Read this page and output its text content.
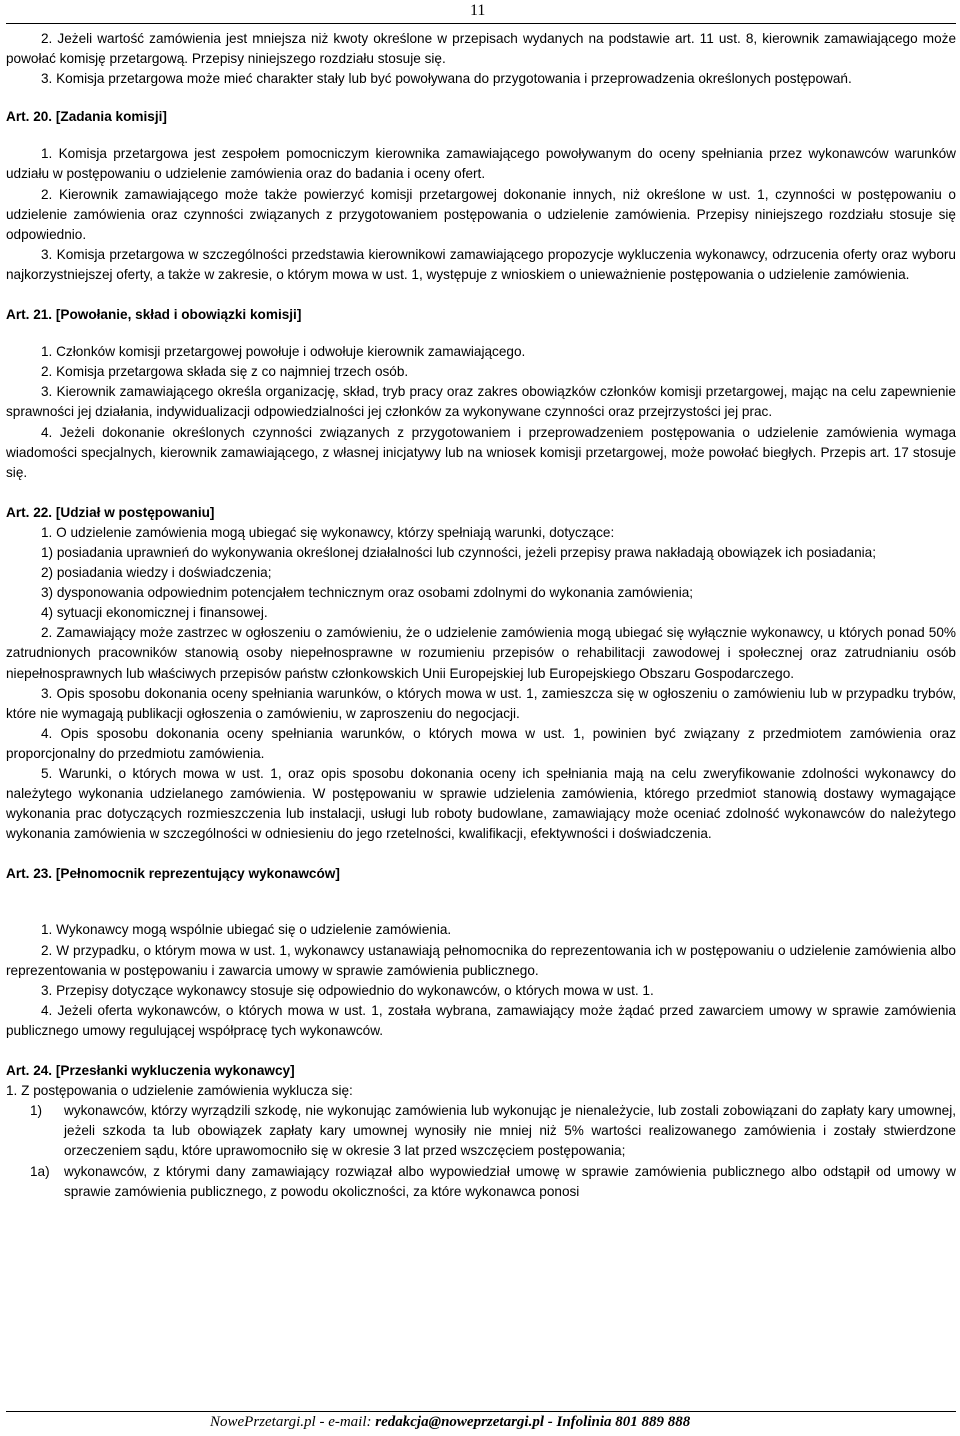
11

2. Jeżeli wartość zamówienia jest mniejsza niż kwoty określone w przepisach wydanych na podstawie art. 11 ust. 8, kierownik zamawiającego może powołać komisję przetargową. Przepisy niniejszego rozdziału stosuje się.

3. Komisja przetargowa może mieć charakter stały lub być powoływana do przygotowania i przeprowadzenia określonych postępowań.

Art. 20. [Zadania komisji]

1. Komisja przetargowa jest zespołem pomocniczym kierownika zamawiającego powoływanym do oceny spełniania przez wykonawców warunków udziału w postępowaniu o udzielenie zamówienia oraz do badania i oceny ofert.

2. Kierownik zamawiającego może także powierzyć komisji przetargowej dokonanie innych, niż określone w ust. 1, czynności w postępowaniu o udzielenie zamówienia oraz czynności związanych z przygotowaniem postępowania o udzielenie zamówienia. Przepisy niniejszego rozdziału stosuje się odpowiednio.

3. Komisja przetargowa w szczególności przedstawia kierownikowi zamawiającego propozycje wykluczenia wykonawcy, odrzucenia oferty oraz wyboru najkorzystniejszej oferty, a także w zakresie, o którym mowa w ust. 1, występuje z wnioskiem o unieważnienie postępowania o udzielenie zamówienia.

Art. 21. [Powołanie, skład i obowiązki komisji]

1. Członków komisji przetargowej powołuje i odwołuje kierownik zamawiającego.

2. Komisja przetargowa składa się z co najmniej trzech osób.

3. Kierownik zamawiającego określa organizację, skład, tryb pracy oraz zakres obowiązków członków komisji przetargowej, mając na celu zapewnienie sprawności jej działania, indywidualizacji odpowiedzialności jej członków za wykonywane czynności oraz przejrzystości jej prac.

4. Jeżeli dokonanie określonych czynności związanych z przygotowaniem i przeprowadzeniem postępowania o udzielenie zamówienia wymaga wiadomości specjalnych, kierownik zamawiającego, z własnej inicjatywy lub na wniosek komisji przetargowej, może powołać biegłych. Przepis art. 17 stosuje się.

Art. 22. [Udział w postępowaniu]

1. O udzielenie zamówienia mogą ubiegać się wykonawcy, którzy spełniają warunki, dotyczące:

1) posiadania uprawnień do wykonywania określonej działalności lub czynności, jeżeli przepisy prawa nakładają obowiązek ich posiadania;

2) posiadania wiedzy i doświadczenia;

3) dysponowania odpowiednim potencjałem technicznym oraz osobami zdolnymi do wykonania zamówienia;

4) sytuacji ekonomicznej i finansowej.

2. Zamawiający może zastrzec w ogłoszeniu o zamówieniu, że o udzielenie zamówienia mogą ubiegać się wyłącznie wykonawcy, u których ponad 50% zatrudnionych pracowników stanowią osoby niepełnosprawne w rozumieniu przepisów o rehabilitacji zawodowej i społecznej oraz zatrudnianiu osób niepełnosprawnych lub właściwych przepisów państw członkowskich Unii Europejskiej lub Europejskiego Obszaru Gospodarczego.

3. Opis sposobu dokonania oceny spełniania warunków, o których mowa w ust. 1, zamieszcza się w ogłoszeniu o zamówieniu lub w przypadku trybów, które nie wymagają publikacji ogłoszenia o zamówieniu, w zaproszeniu do negocjacji.

4. Opis sposobu dokonania oceny spełniania warunków, o których mowa w ust. 1, powinien być związany z przedmiotem zamówienia oraz proporcjonalny do przedmiotu zamówienia.

5. Warunki, o których mowa w ust. 1, oraz opis sposobu dokonania oceny ich spełniania mają na celu zweryfikowanie zdolności wykonawcy do należytego wykonania udzielanego zamówienia. W postępowaniu w sprawie udzielenia zamówienia, którego przedmiot stanowią dostawy wymagające wykonania prac dotyczących rozmieszczenia lub instalacji, usługi lub roboty budowlane, zamawiający może oceniać zdolność wykonawców do należytego wykonania zamówienia w szczególności w odniesieniu do jego rzetelności, kwalifikacji, efektywności i doświadczenia.

Art. 23. [Pełnomocnik reprezentujący wykonawców]

1. Wykonawcy mogą wspólnie ubiegać się o udzielenie zamówienia.

2. W przypadku, o którym mowa w ust. 1, wykonawcy ustanawiają pełnomocnika do reprezentowania ich w postępowaniu o udzielenie zamówienia albo reprezentowania w postępowaniu i zawarcia umowy w sprawie zamówienia publicznego.

3. Przepisy dotyczące wykonawcy stosuje się odpowiednio do wykonawców, o których mowa w ust. 1.

4. Jeżeli oferta wykonawców, o których mowa w ust. 1, została wybrana, zamawiający może żądać przed zawarciem umowy w sprawie zamówienia publicznego umowy regulującej współpracę tych wykonawców.

Art. 24. [Przesłanki wykluczenia wykonawcy]

1. Z postępowania o udzielenie zamówienia wyklucza się:

1) wykonawców, którzy wyrządzili szkodę, nie wykonując zamówienia lub wykonując je nienależycie, lub zostali zobowiązani do zapłaty kary umownej, jeżeli szkoda ta lub obowiązek zapłaty kary umownej wynosiły nie mniej niż 5% wartości realizowanego zamówienia i zostały stwierdzone orzeczeniem sądu, które uprawomocniło się w okresie 3 lat przed wszczęciem postępowania;

1a) wykonawców, z którymi dany zamawiający rozwiązał albo wypowiedział umowę w sprawie zamówienia publicznego albo odstąpił od umowy w sprawie zamówienia publicznego, z powodu okoliczności, za które wykonawca ponosi

NowePrzetargi.pl - e-mail: redakcja@noweprzetargi.pl - Infolinia 801 889 888
